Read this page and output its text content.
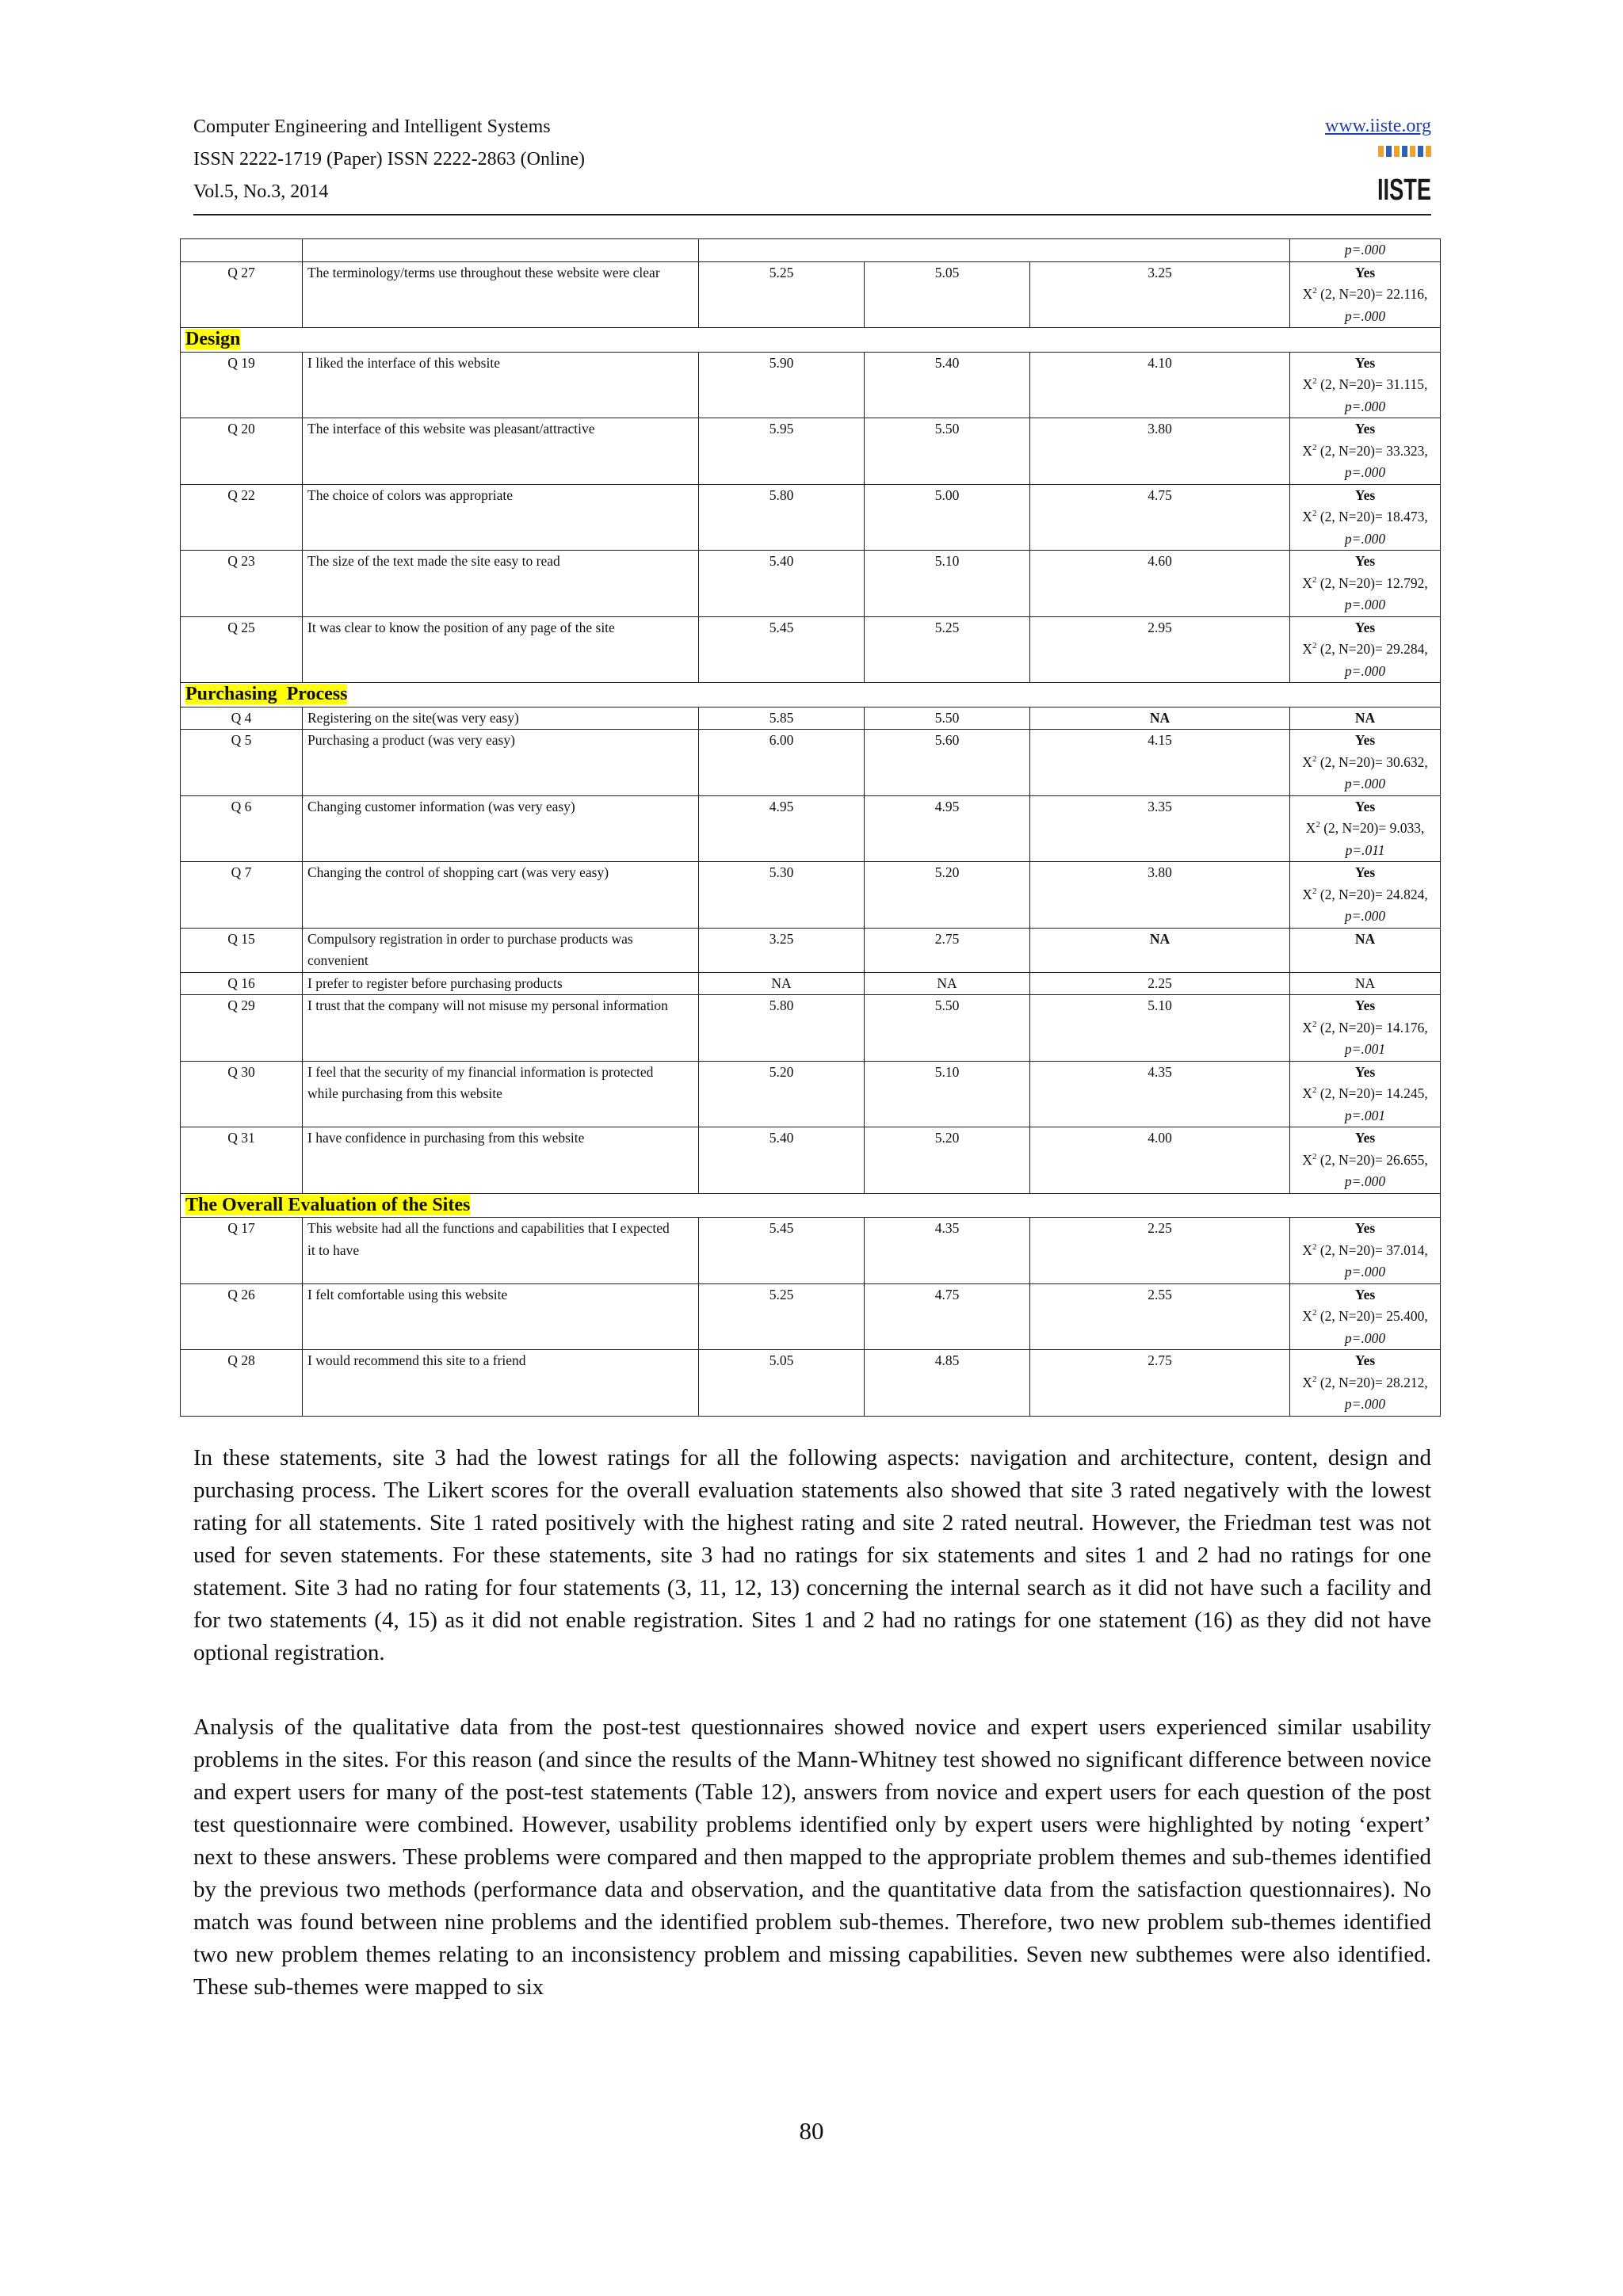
Computer Engineering and Intelligent Systems
ISSN 2222-1719 (Paper) ISSN 2222-2863 (Online)
Vol.5, No.3, 2014
www.iiste.org
IISTE
					p=.000
Q 27	The terminology/terms use throughout these website were clear	5.25	5.05	3.25	Yes
$X^2$ (2, N=20)= 22.116,
p=.000
Design					
Q 19	I liked the interface of this website	5.90	5.40	4.10	Yes
$X^2$ (2, N=20)= 31.115,
p=.000
Q 20	The interface of this website was pleasant/attractive	5.95	5.50	3.80	Yes
$X^2$ (2, N=20)= 33.323,
p=.000
Q 22	The choice of colors was appropriate	5.80	5.00	4.75	Yes
$X^2$ (2, N=20)= 18.473,
p=.000
Q 23	The size of the text made the site easy to read	5.40	5.10	4.60	Yes
$X^2$ (2, N=20)= 12.792,
p=.000
Q 25	It was clear to know the position of any page of the site	5.45	5.25	2.95	Yes
$X^2$ (2, N=20)= 29.284,
p=.000
Purchasing  Process					
Q 4	Registering on the site(was very easy)	5.85	5.50	NA	NA
Q 5	Purchasing a product (was very easy)	6.00	5.60	4.15	Yes
$X^2$ (2, N=20)= 30.632,
p=.000
Q 6	Changing customer information (was very easy)	4.95	4.95	3.35	Yes
$X^2$ (2, N=20)= 9.033,
p=.011
Q 7	Changing the control of shopping cart (was very easy)	5.30	5.20	3.80	Yes
$X^2$ (2, N=20)= 24.824,
p=.000
Q 15	Compulsory registration in order to purchase products was convenient	3.25	2.75	NA	NA
Q 16	I prefer to register before purchasing products	NA	NA	2.25	NA
Q 29	I trust that the company will not misuse my personal information	5.80	5.50	5.10	Yes
$X^2$ (2, N=20)= 14.176,
p=.001
Q 30	I feel that the security of my financial information is protected
while purchasing from this website	5.20	5.10	4.35	Yes
$X^2$ (2, N=20)= 14.245,
p=.001
Q 31	I have confidence in purchasing from this website	5.40	5.20	4.00	Yes
$X^2$ (2, N=20)= 26.655,
p=.000
The Overall Evaluation of the Sites					
Q 17	This website had all the functions and capabilities that I expected
it to have	5.45	4.35	2.25	Yes
$X^2$ (2, N=20)= 37.014,
p=.000
Q 26	I felt comfortable using this website	5.25	4.75	2.55	Yes
$X^2$ (2, N=20)= 25.400,
p=.000
Q 28	I would recommend this site to a friend	5.05	4.85	2.75	Yes
$X^2$ (2, N=20)= 28.212,
p=.000

In these statements, site 3 had the lowest ratings for all the following aspects: navigation and architecture, content, design and purchasing process. The Likert scores for the overall evaluation statements also showed that site 3 rated negatively with the lowest rating for all statements. Site 1 rated positively with the highest rating and site 2 rated neutral. However, the Friedman test was not used for seven statements. For these statements, site 3 had no ratings for six statements and sites 1 and 2 had no ratings for one statement. Site 3 had no rating for four statements (3, 11, 12, 13) concerning the internal search as it did not have such a facility and for two statements (4, 15) as it did not enable registration. Sites 1 and 2 had no ratings for one statement (16) as they did not have optional registration.

Analysis of the qualitative data from the post-test questionnaires showed novice and expert users experienced similar usability problems in the sites. For this reason (and since the results of the Mann-Whitney test showed no significant difference between novice and expert users for many of the post-test statements (Table 12), answers from novice and expert users for each question of the post test questionnaire were combined. However, usability problems identified only by expert users were highlighted by noting ‘expert’ next to these answers. These problems were compared and then mapped to the appropriate problem themes and sub-themes identified by the previous two methods (performance data and observation, and the quantitative data from the satisfaction questionnaires). No match was found between nine problems and the identified problem sub-themes. Therefore, two new problem sub-themes identified two new problem themes relating to an inconsistency problem and missing capabilities. Seven new subthemes were also identified. These sub-themes were mapped to six

80
